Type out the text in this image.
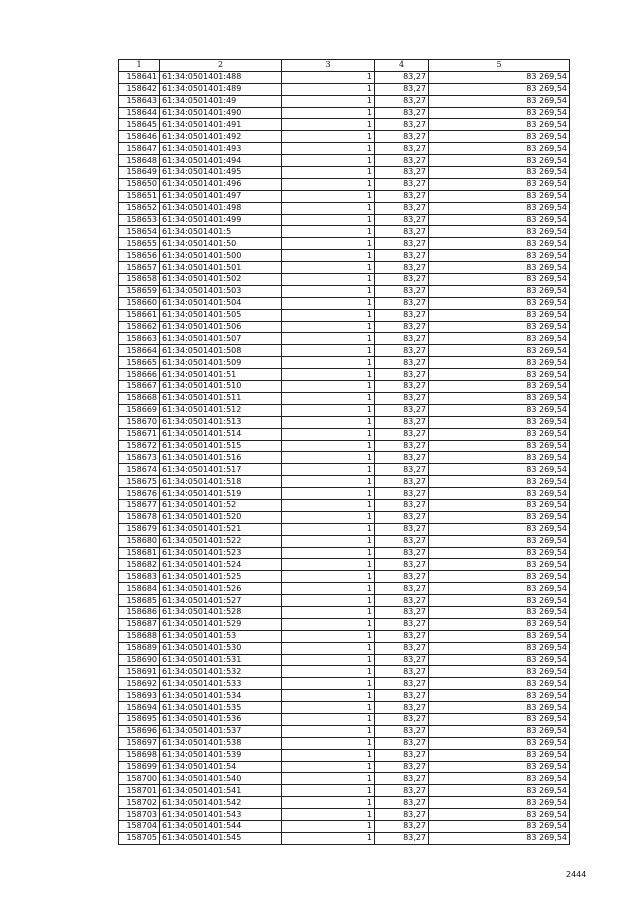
1	2	3	4	5
158641	61:34:0501401:488	1	83,27	83 269,54
158642	61:34:0501401:489	1	83,27	83 269,54
158643	61:34:0501401:49	1	83,27	83 269,54
158644	61:34:0501401:490	1	83,27	83 269,54
158645	61:34:0501401:491	1	83,27	83 269,54
158646	61:34:0501401:492	1	83,27	83 269,54
158647	61:34:0501401:493	1	83,27	83 269,54
158648	61:34:0501401:494	1	83,27	83 269,54
158649	61:34:0501401:495	1	83,27	83 269,54
158650	61:34:0501401:496	1	83,27	83 269,54
158651	61:34:0501401:497	1	83,27	83 269,54
158652	61:34:0501401:498	1	83,27	83 269,54
158653	61:34:0501401:499	1	83,27	83 269,54
158654	61:34:0501401:5	1	83,27	83 269,54
158655	61:34:0501401:50	1	83,27	83 269,54
158656	61:34:0501401:500	1	83,27	83 269,54
158657	61:34:0501401:501	1	83,27	83 269,54
158658	61:34:0501401:502	1	83,27	83 269,54
158659	61:34:0501401:503	1	83,27	83 269,54
158660	61:34:0501401:504	1	83,27	83 269,54
158661	61:34:0501401:505	1	83,27	83 269,54
158662	61:34:0501401:506	1	83,27	83 269,54
158663	61:34:0501401:507	1	83,27	83 269,54
158664	61:34:0501401:508	1	83,27	83 269,54
158665	61:34:0501401:509	1	83,27	83 269,54
158666	61:34:0501401:51	1	83,27	83 269,54
158667	61:34:0501401:510	1	83,27	83 269,54
158668	61:34:0501401:511	1	83,27	83 269,54
158669	61:34:0501401:512	1	83,27	83 269,54
158670	61:34:0501401:513	1	83,27	83 269,54
158671	61:34:0501401:514	1	83,27	83 269,54
158672	61:34:0501401:515	1	83,27	83 269,54
158673	61:34:0501401:516	1	83,27	83 269,54
158674	61:34:0501401:517	1	83,27	83 269,54
158675	61:34:0501401:518	1	83,27	83 269,54
158676	61:34:0501401:519	1	83,27	83 269,54
158677	61:34:0501401:52	1	83,27	83 269,54
158678	61:34:0501401:520	1	83,27	83 269,54
158679	61:34:0501401:521	1	83,27	83 269,54
158680	61:34:0501401:522	1	83,27	83 269,54
158681	61:34:0501401:523	1	83,27	83 269,54
158682	61:34:0501401:524	1	83,27	83 269,54
158683	61:34:0501401:525	1	83,27	83 269,54
158684	61:34:0501401:526	1	83,27	83 269,54
158685	61:34:0501401:527	1	83,27	83 269,54
158686	61:34:0501401:528	1	83,27	83 269,54
158687	61:34:0501401:529	1	83,27	83 269,54
158688	61:34:0501401:53	1	83,27	83 269,54
158689	61:34:0501401:530	1	83,27	83 269,54
158690	61:34:0501401:531	1	83,27	83 269,54
158691	61:34:0501401:532	1	83,27	83 269,54
158692	61:34:0501401:533	1	83,27	83 269,54
158693	61:34:0501401:534	1	83,27	83 269,54
158694	61:34:0501401:535	1	83,27	83 269,54
158695	61:34:0501401:536	1	83,27	83 269,54
158696	61:34:0501401:537	1	83,27	83 269,54
158697	61:34:0501401:538	1	83,27	83 269,54
158698	61:34:0501401:539	1	83,27	83 269,54
158699	61:34:0501401:54	1	83,27	83 269,54
158700	61:34:0501401:540	1	83,27	83 269,54
158701	61:34:0501401:541	1	83,27	83 269,54
158702	61:34:0501401:542	1	83,27	83 269,54
158703	61:34:0501401:543	1	83,27	83 269,54
158704	61:34:0501401:544	1	83,27	83 269,54
158705	61:34:0501401:545	1	83,27	83 269,54
2444
